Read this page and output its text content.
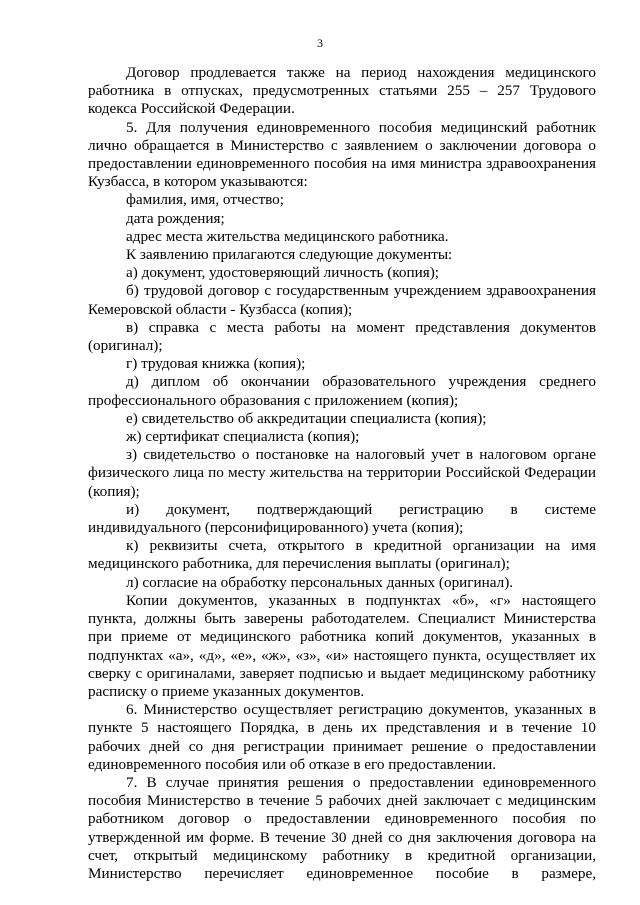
3

Договор продлевается также на период нахождения медицинского работника в отпусках, предусмотренных статьями 255 – 257 Трудового кодекса Российской Федерации.

5. Для получения единовременного пособия медицинский работник лично обращается в Министерство с заявлением о заключении договора о предоставлении единовременного пособия на имя министра здравоохранения Кузбасса, в котором указываются:

фамилия, имя, отчество;

дата рождения;

адрес места жительства медицинского работника.

К заявлению прилагаются следующие документы:

а) документ, удостоверяющий личность (копия);

б) трудовой договор с государственным учреждением здравоохранения Кемеровской области - Кузбасса (копия);

в) справка с места работы на момент представления документов (оригинал);

г) трудовая книжка (копия);

д) диплом об окончании образовательного учреждения среднего профессионального образования с приложением (копия);

е) свидетельство об аккредитации специалиста (копия);

ж) сертификат специалиста (копия);

з) свидетельство о постановке на налоговый учет в налоговом органе физического лица по месту жительства на территории Российской Федерации (копия);

и) документ, подтверждающий регистрацию в системе индивидуального (персонифицированного) учета (копия);

к) реквизиты счета, открытого в кредитной организации на имя медицинского работника, для перечисления выплаты (оригинал);

л) согласие на обработку персональных данных (оригинал).

Копии документов, указанных в подпунктах «б», «г» настоящего пункта, должны быть заверены работодателем. Специалист Министерства при приеме от медицинского работника копий документов, указанных в подпунктах «а», «д», «е», «ж», «з», «и» настоящего пункта, осуществляет их сверку с оригиналами, заверяет подписью и выдает медицинскому работнику расписку о приеме указанных документов.

6. Министерство осуществляет регистрацию документов, указанных в пункте 5 настоящего Порядка, в день их представления и в течение 10 рабочих дней со дня регистрации принимает решение о предоставлении единовременного пособия или об отказе в его предоставлении.

7. В случае принятия решения о предоставлении единовременного пособия Министерство в течение 5 рабочих дней заключает с медицинским работником договор о предоставлении единовременного пособия по утвержденной им форме. В течение 30 дней со дня заключения договора на счет, открытый медицинскому работнику в кредитной организации, Министерство перечисляет единовременное пособие в размере,
